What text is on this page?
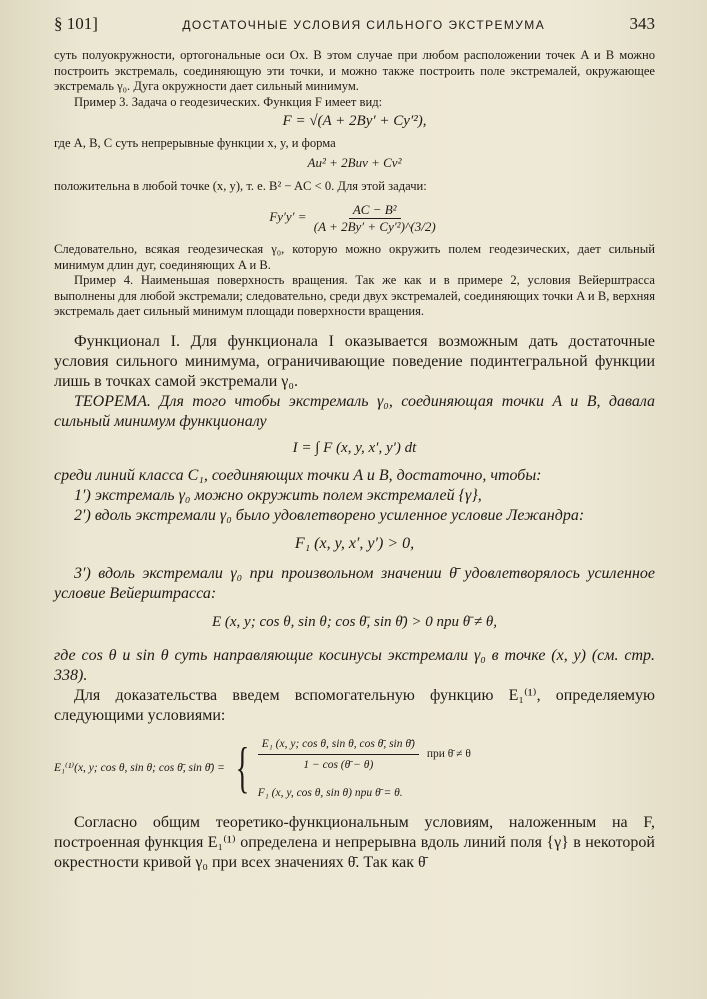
§ 101]	ДОСТАТОЧНЫЕ УСЛОВИЯ СИЛЬНОГО ЭКСТРЕМУМА	343

суть полуокружности, ортогональные оси Ox. В этом случае при любом расположении точек A и B можно построить экстремаль, соединяющую эти точки, и можно также построить поле экстремалей, окружающее экстремаль γ₀. Дуга окружности дает сильный минимум.

Пример 3. Задача о геодезических. Функция F имеет вид:

F = √(A + 2By′ + Cy′²),

где A, B, C суть непрерывные функции x, y, и форма

Au² + 2Buv + Cv²

положительна в любой точке (x, y), т. е. B² − AC < 0. Для этой задачи:

$Fy'y' = \frac{\text{AC − B²}}{\text{(A + 2By′ + Cy′²)\textasciicircum{}(3/2)}}$

Следовательно, всякая геодезическая γ₀, которую можно окружить полем геодезических, дает сильный минимум длин дуг, соединяющих A и B.

Пример 4. Наименьшая поверхность вращения. Так же как и в примере 2, условия Вейерштрасса выполнены для любой экстремали; следовательно, среди двух экстремалей, соединяющих точки A и B, верхняя экстремаль дает сильный минимум площади поверхности вращения.

Функционал I. Для функционала I оказывается возможным дать достаточные условия сильного минимума, ограничивающие поведение подинтегральной функции лишь в точках самой экстремали γ₀.

ТЕОРЕМА. Для того чтобы экстремаль γ₀, соединяющая точки A и B, давала сильный минимум функционалу

I = ∫ F (x, y, x′, y′) dt

среди линий класса C₁, соединяющих точки A и B, достаточно, чтобы:

1′) экстремаль γ₀ можно окружить полем экстремалей {γ},

2′) вдоль экстремали γ₀ было удовлетворено усиленное условие Лежандра:

F₁ (x, y, x′, y′) > 0,

3′) вдоль экстремали γ₀ при произвольном значении θ̄ удовлетворялось усиленное условие Вейерштрасса:

E (x, y; cos θ, sin θ; cos θ̄, sin θ̄) > 0 при θ̄ ≠ θ,

где cos θ и sin θ суть направляющие косинусы экстремали γ₀ в точке (x, y) (см. стр. 338).

Для доказательства введем вспомогательную функцию E₁⁽¹⁾, определяемую следующими условиями:

E₁⁽¹⁾(x, y; cos θ, sin θ; cos θ̄, sin θ̄) = { $\frac{\text{E₁ (x, y; cos θ, sin θ, cos θ̄, sin θ̄)}}{1 - \cos (\thetā - \theta)}$ при θ̄ ≠ θ
F₁ (x, y, cos θ, sin θ) при θ̄ = θ.

Согласно общим теоретико-функциональным условиям, наложенным на F, построенная функция E₁⁽¹⁾ определена и непрерывна вдоль линий поля {γ} в некоторой окрестности кривой γ₀ при всех значениях θ̄. Так как θ̄
